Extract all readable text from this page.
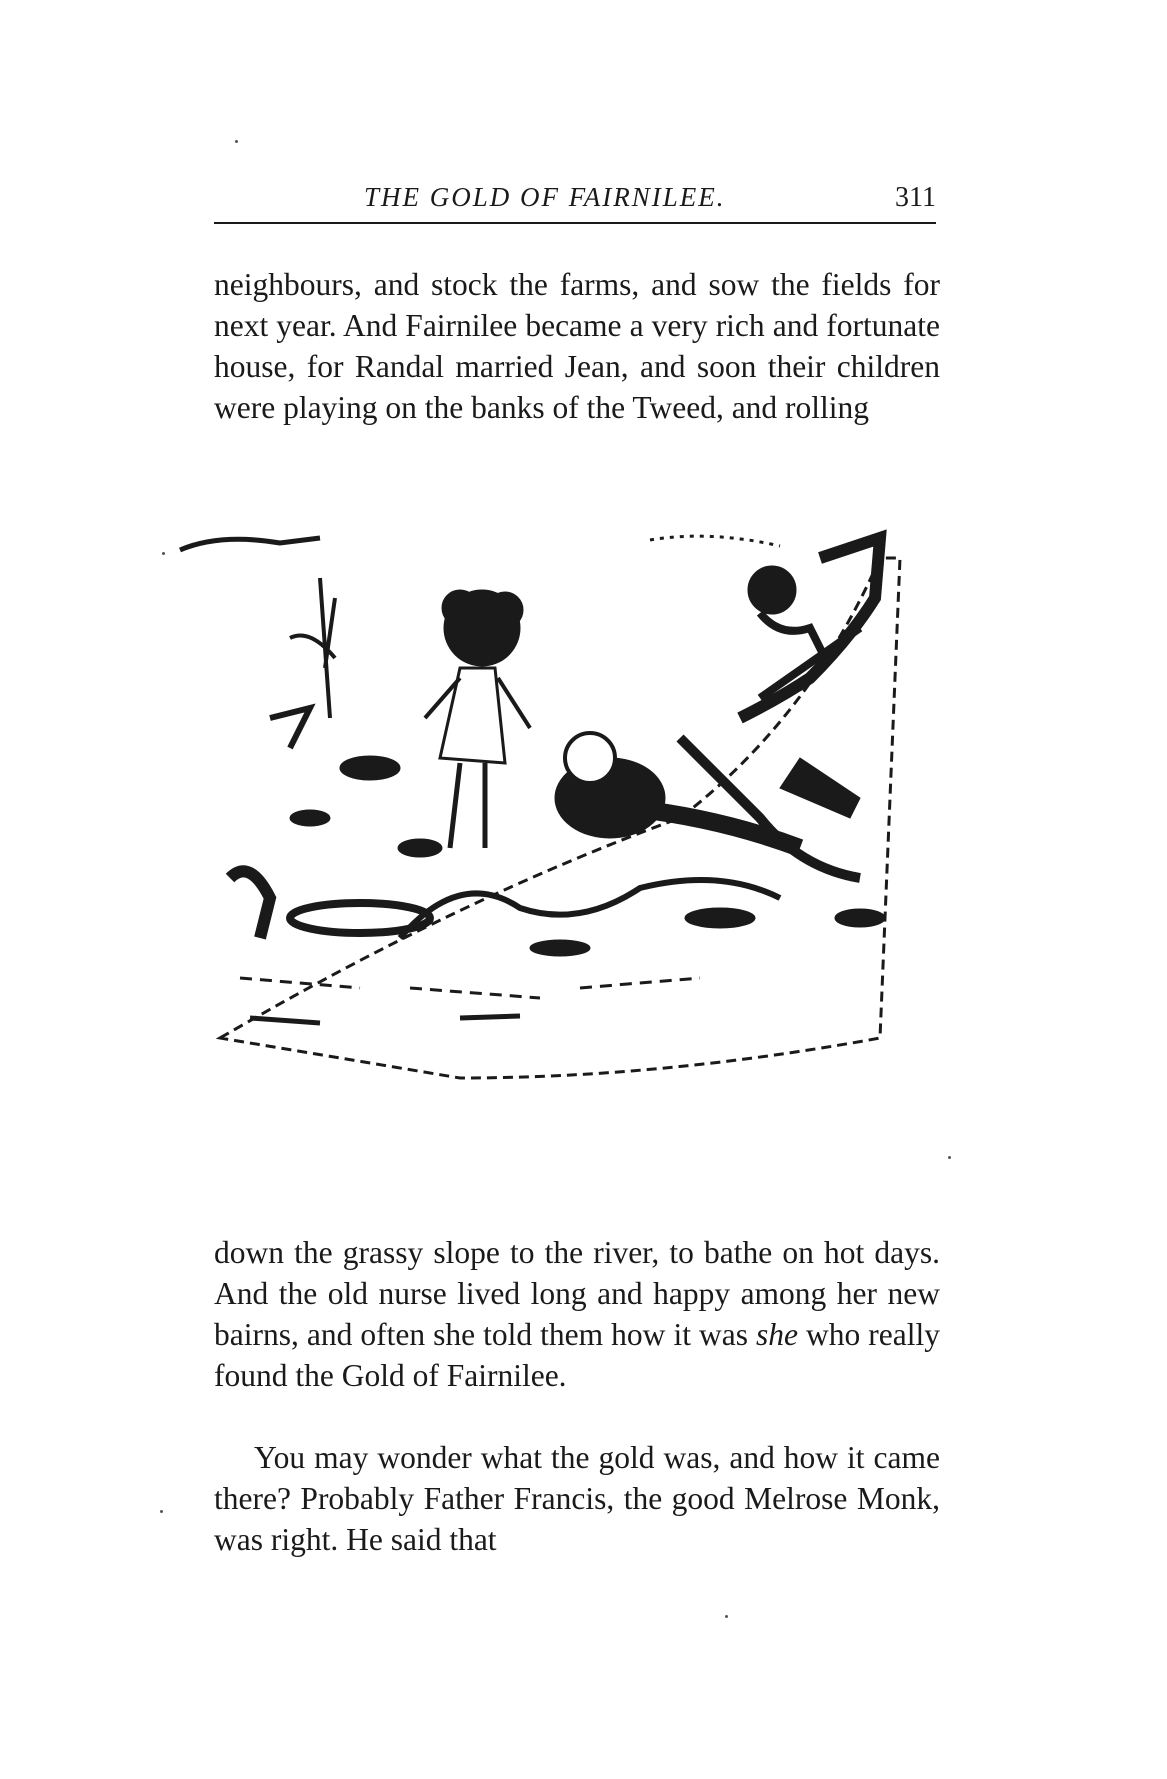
THE GOLD OF FAIRNILEE.	311

neighbours, and stock the farms, and sow the fields for next year. And Fairnilee became a very rich and fortunate house, for Randal married Jean, and soon their children were playing on the banks of the Tweed, and rolling

down the grassy slope to the river, to bathe on hot days. And the old nurse lived long and happy among her new bairns, and often she told them how it was she who really found the Gold of Fairnilee.

You may wonder what the gold was, and how it came there? Probably Father Francis, the good Melrose Monk, was right. He said that
